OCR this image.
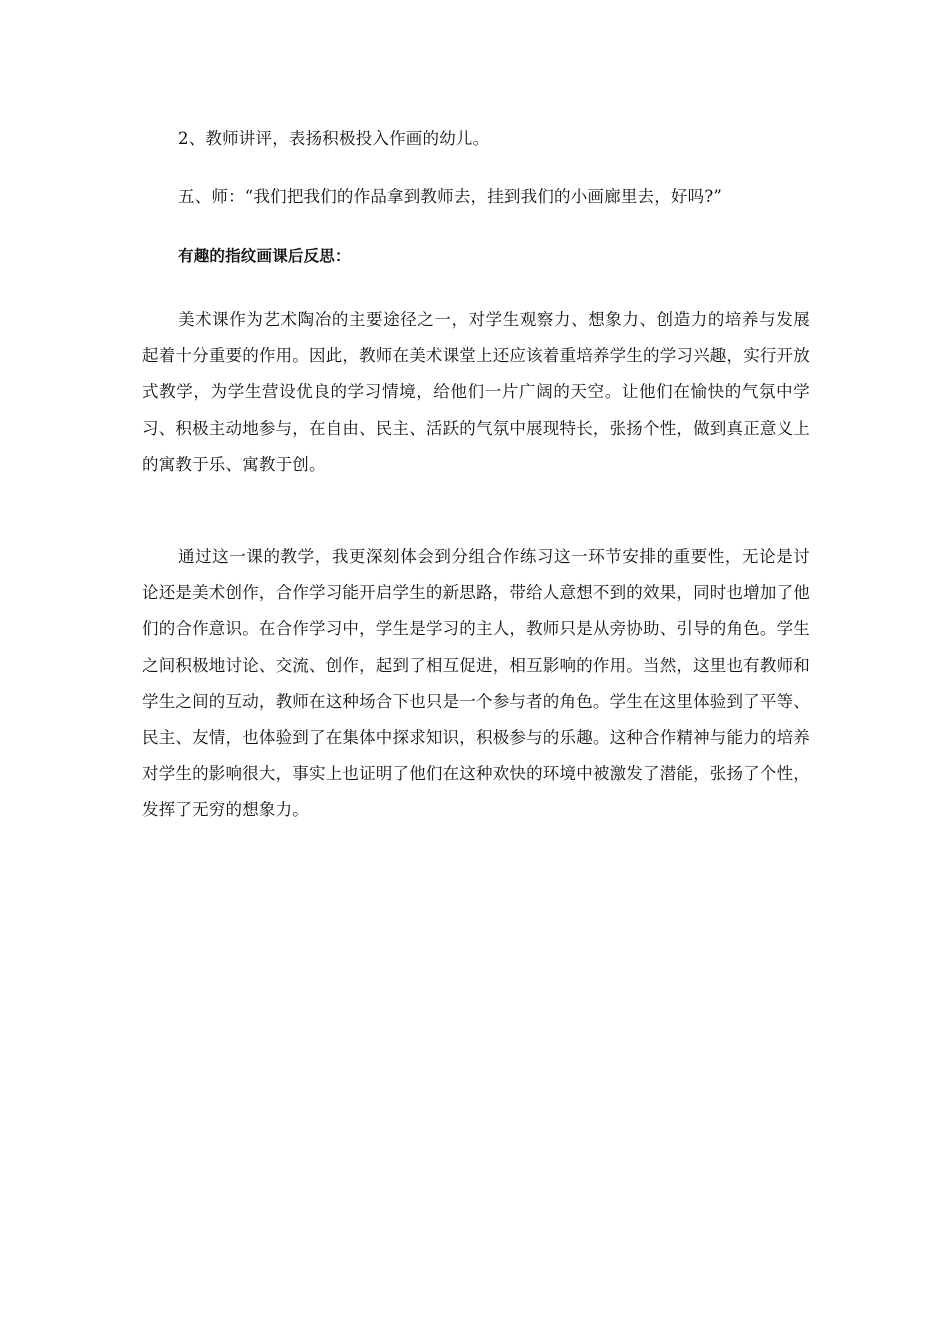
2、教师讲评，表扬积极投入作画的幼儿。
五、师：“我们把我们的作品拿到教师去，挂到我们的小画廊里去，好吗?”
有趣的指纹画课后反思：
美术课作为艺术陶冶的主要途径之一，对学生观察力、想象力、创造力的培养与发展起着十分重要的作用。因此，教师在美术课堂上还应该着重培养学生的学习兴趣，实行开放式教学，为学生营设优良的学习情境，给他们一片广阔的天空。让他们在愉快的气氛中学习、积极主动地参与，在自由、民主、活跃的气氛中展现特长，张扬个性，做到真正意义上的寓教于乐、寓教于创。
通过这一课的教学，我更深刻体会到分组合作练习这一环节安排的重要性，无论是讨论还是美术创作，合作学习能开启学生的新思路，带给人意想不到的效果，同时也增加了他们的合作意识。在合作学习中，学生是学习的主人，教师只是从旁协助、引导的角色。学生之间积极地讨论、交流、创作，起到了相互促进，相互影响的作用。当然，这里也有教师和学生之间的互动，教师在这种场合下也只是一个参与者的角色。学生在这里体验到了平等、民主、友情，也体验到了在集体中探求知识，积极参与的乐趣。这种合作精神与能力的培养对学生的影响很大，事实上也证明了他们在这种欢快的环境中被激发了潜能，张扬了个性，发挥了无穷的想象力。
